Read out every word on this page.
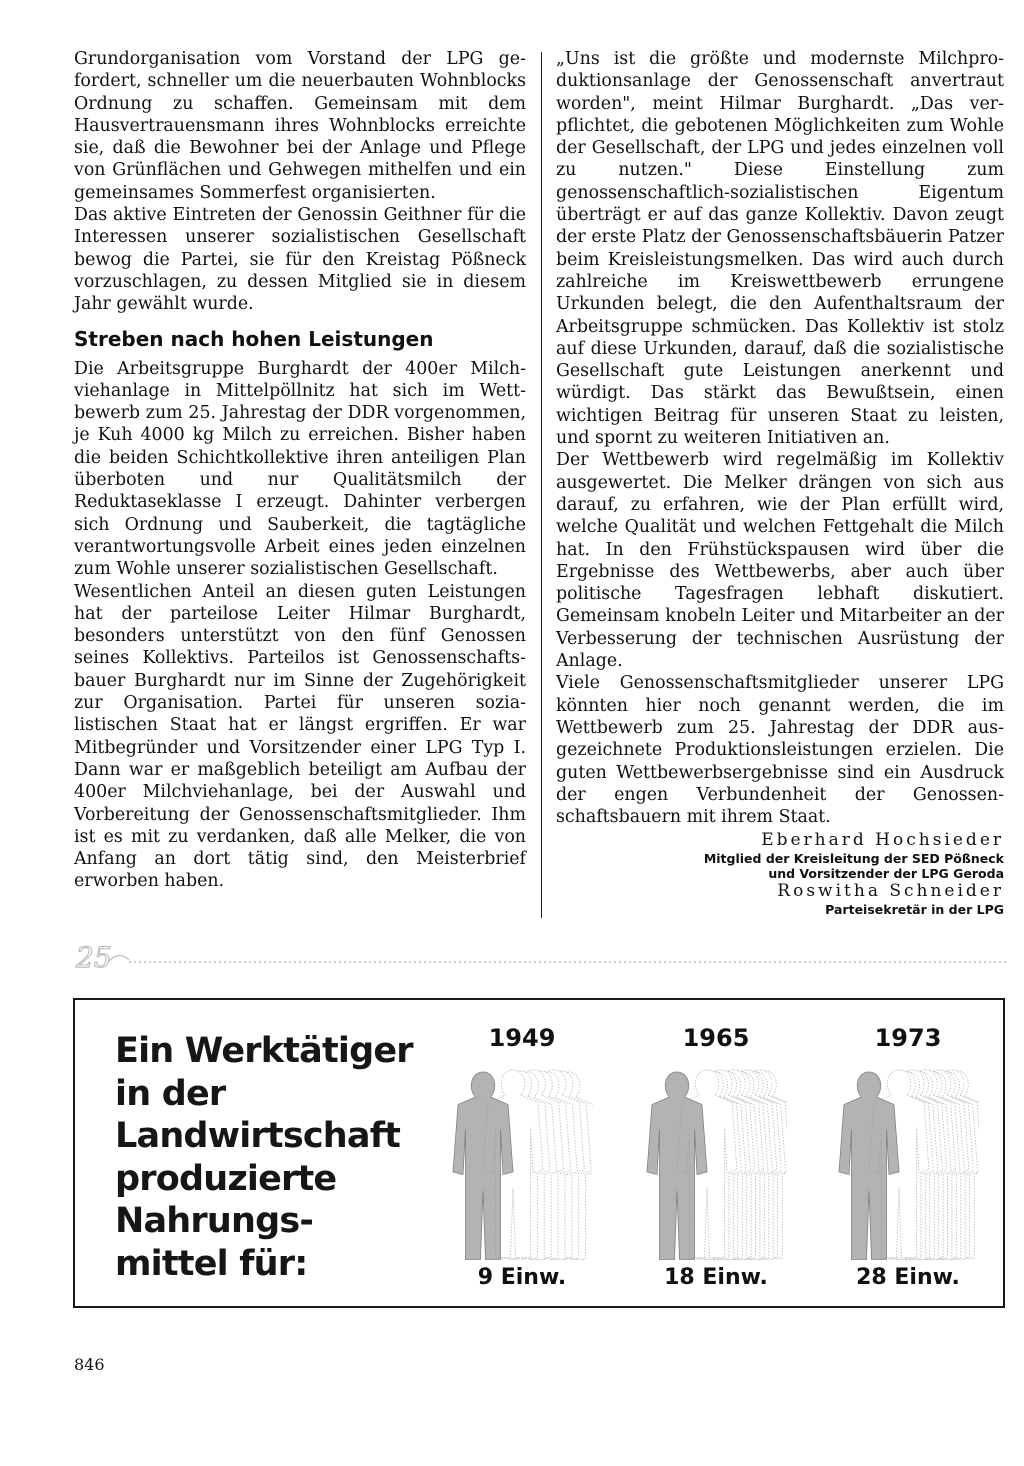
Grundorganisation vom Vorstand der LPG gefordert, schneller um die neuerbauten Wohnblocks Ordnung zu schaffen. Gemeinsam mit dem Hausvertrauensmann ihres Wohnblocks erreichte sie, daß die Bewohner bei der Anlage und Pflege von Grünflächen und Gehwegen mithelfen und ein gemeinsames Sommerfest organisierten.

Das aktive Eintreten der Genossin Geithner für die Interessen unserer sozialistischen Gesellschaft bewog die Partei, sie für den Kreistag Pößneck vorzuschlagen, zu dessen Mitglied sie in diesem Jahr gewählt wurde.

Streben nach hohen Leistungen

Die Arbeitsgruppe Burghardt der 400er Milchviehanlage in Mittelpöllnitz hat sich im Wettbewerb zum 25. Jahrestag der DDR vorgenommen, je Kuh 4000 kg Milch zu erreichen. Bisher haben die beiden Schichtkollektive ihren anteiligen Plan überboten und nur Qualitätsmilch der Reduktaseklasse I erzeugt. Dahinter verbergen sich Ordnung und Sauberkeit, die tagtägliche verantwortungsvolle Arbeit eines jeden einzelnen zum Wohle unserer sozialistischen Gesellschaft.

Wesentlichen Anteil an diesen guten Leistungen hat der parteilose Leiter Hilmar Burghardt, besonders unterstützt von den fünf Genossen seines Kollektivs. Parteilos ist Genossenschaftsbauer Burghardt nur im Sinne der Zugehörigkeit zur Organisation. Partei für unseren sozialistischen Staat hat er längst ergriffen. Er war Mitbegründer und Vorsitzender einer LPG Typ I. Dann war er maßgeblich beteiligt am Aufbau der 400er Milchviehanlage, bei der Auswahl und Vorbereitung der Genossenschaftsmitglieder. Ihm ist es mit zu verdanken, daß alle Melker, die von Anfang an dort tätig sind, den Meisterbrief erworben haben.

„Uns ist die größte und modernste Milchproduktionsanlage der Genossenschaft anvertraut worden", meint Hilmar Burghardt. „Das verpflichtet, die gebotenen Möglichkeiten zum Wohle der Gesellschaft, der LPG und jedes einzelnen voll zu nutzen." Diese Einstellung zum genossenschaftlich-sozialistischen Eigentum überträgt er auf das ganze Kollektiv. Davon zeugt der erste Platz der Genossenschaftsbäuerin Patzer beim Kreisleistungsmelken. Das wird auch durch zahlreiche im Kreiswettbewerb errungene Urkunden belegt, die den Aufenthaltsraum der Arbeitsgruppe schmücken. Das Kollektiv ist stolz auf diese Urkunden, darauf, daß die sozialistische Gesellschaft gute Leistungen anerkennt und würdigt. Das stärkt das Bewußtsein, einen wichtigen Beitrag für unseren Staat zu leisten, und spornt zu weiteren Initiativen an.

Der Wettbewerb wird regelmäßig im Kollektiv ausgewertet. Die Melker drängen von sich aus darauf, zu erfahren, wie der Plan erfüllt wird, welche Qualität und welchen Fettgehalt die Milch hat. In den Frühstückspausen wird über die Ergebnisse des Wettbewerbs, aber auch über politische Tagesfragen lebhaft diskutiert. Gemeinsam knobeln Leiter und Mitarbeiter an der Verbesserung der technischen Ausrüstung der Anlage.

Viele Genossenschaftsmitglieder unserer LPG könnten hier noch genannt werden, die im Wettbewerb zum 25. Jahrestag der DDR ausgezeichnete Produktionsleistungen erzielen. Die guten Wettbewerbsergebnisse sind ein Ausdruck der engen Verbundenheit der Genossenschaftsbauern mit ihrem Staat.

Eberhard Hochsieder
Mitglied der Kreisleitung der SED Pößneck
und Vorsitzender der LPG Geroda
Roswitha Schneider
Parteisekretär in der LPG
25
Ein Werktätiger
in der
Landwirtschaft
produzierte
Nahrungs-
mittel für:
1949
9 Einw.
1965
18 Einw.
1973
28 Einw.
846
